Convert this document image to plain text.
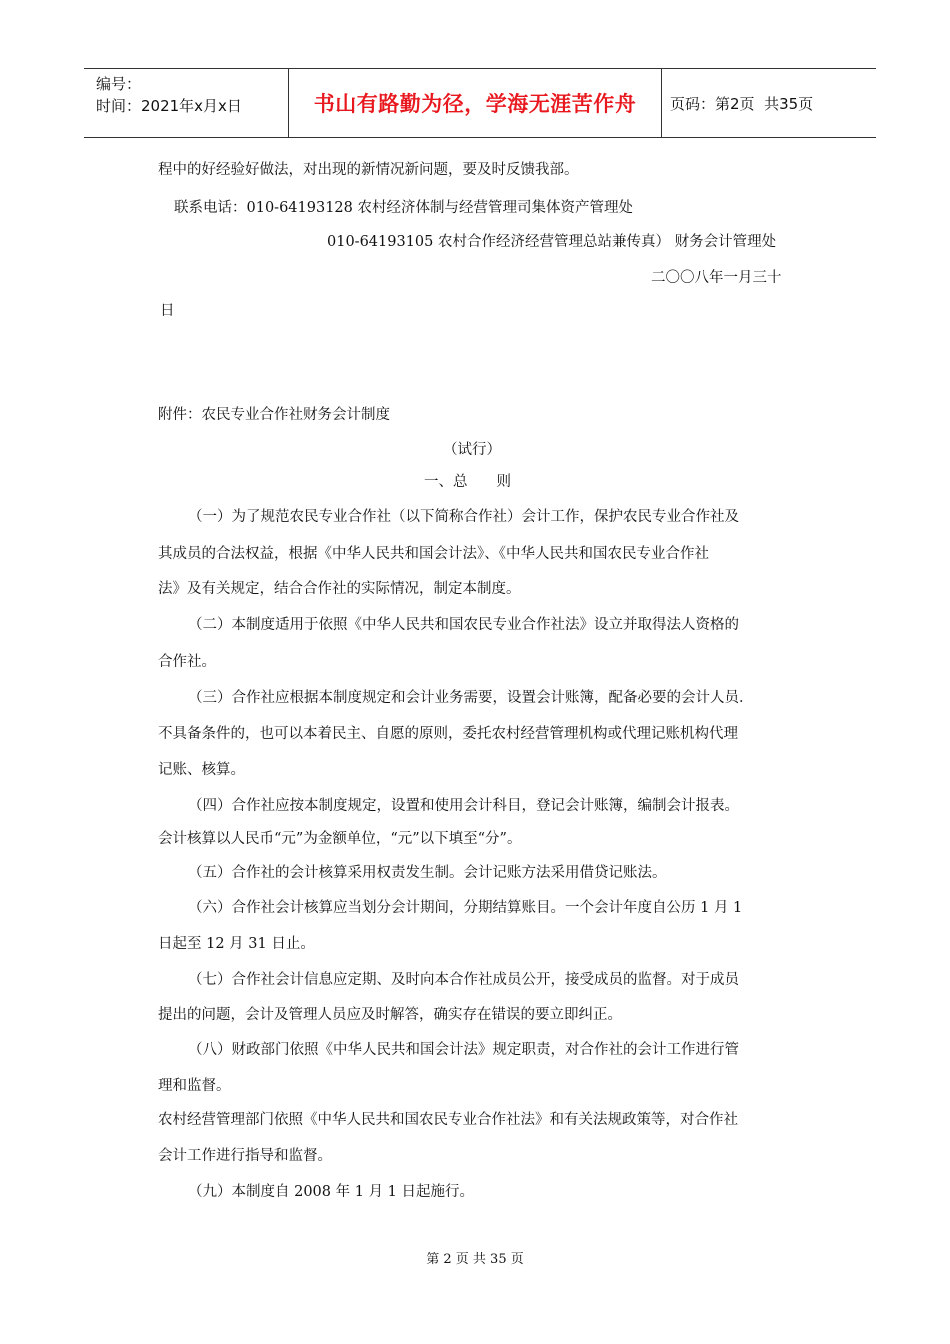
编号：
时间：2021年x月x日	书山有路勤为径，学海无涯苦作舟	页码：第2页  共35页
程中的好经验好做法，对出现的新情况新问题，要及时反馈我部。
联系电话：010-64193128 农村经济体制与经营管理司集体资产管理处
010-64193105 农村合作经济经营管理总站兼传真） 财务会计管理处
二〇〇八年一月三十
日
附件：农民专业合作社财务会计制度
（试行）
一、总　　则
（一）为了规范农民专业合作社（以下简称合作社）会计工作，保护农民专业合作社及
其成员的合法权益，根据《中华人民共和国会计法》、《中华人民共和国农民专业合作社
法》及有关规定，结合合作社的实际情况，制定本制度。
（二）本制度适用于依照《中华人民共和国农民专业合作社法》设立并取得法人资格的
合作社。
（三）合作社应根据本制度规定和会计业务需要，设置会计账簿，配备必要的会计人员．
不具备条件的，也可以本着民主、自愿的原则，委托农村经营管理机构或代理记账机构代理
记账、核算。
（四）合作社应按本制度规定，设置和使用会计科目，登记会计账簿，编制会计报表。
会计核算以人民币“元”为金额单位，“元”以下填至“分”。
（五）合作社的会计核算采用权责发生制。会计记账方法采用借贷记账法。
（六）合作社会计核算应当划分会计期间，分期结算账目。一个会计年度自公历 1 月 1
日起至 12 月 31 日止。
（七）合作社会计信息应定期、及时向本合作社成员公开，接受成员的监督。对于成员
提出的问题，会计及管理人员应及时解答，确实存在错误的要立即纠正。
（八）财政部门依照《中华人民共和国会计法》规定职责，对合作社的会计工作进行管
理和监督。
农村经营管理部门依照《中华人民共和国农民专业合作社法》和有关法规政策等，对合作社
会计工作进行指导和监督。
（九）本制度自 2008 年 1 月 1 日起施行。
第 2 页 共 35 页
